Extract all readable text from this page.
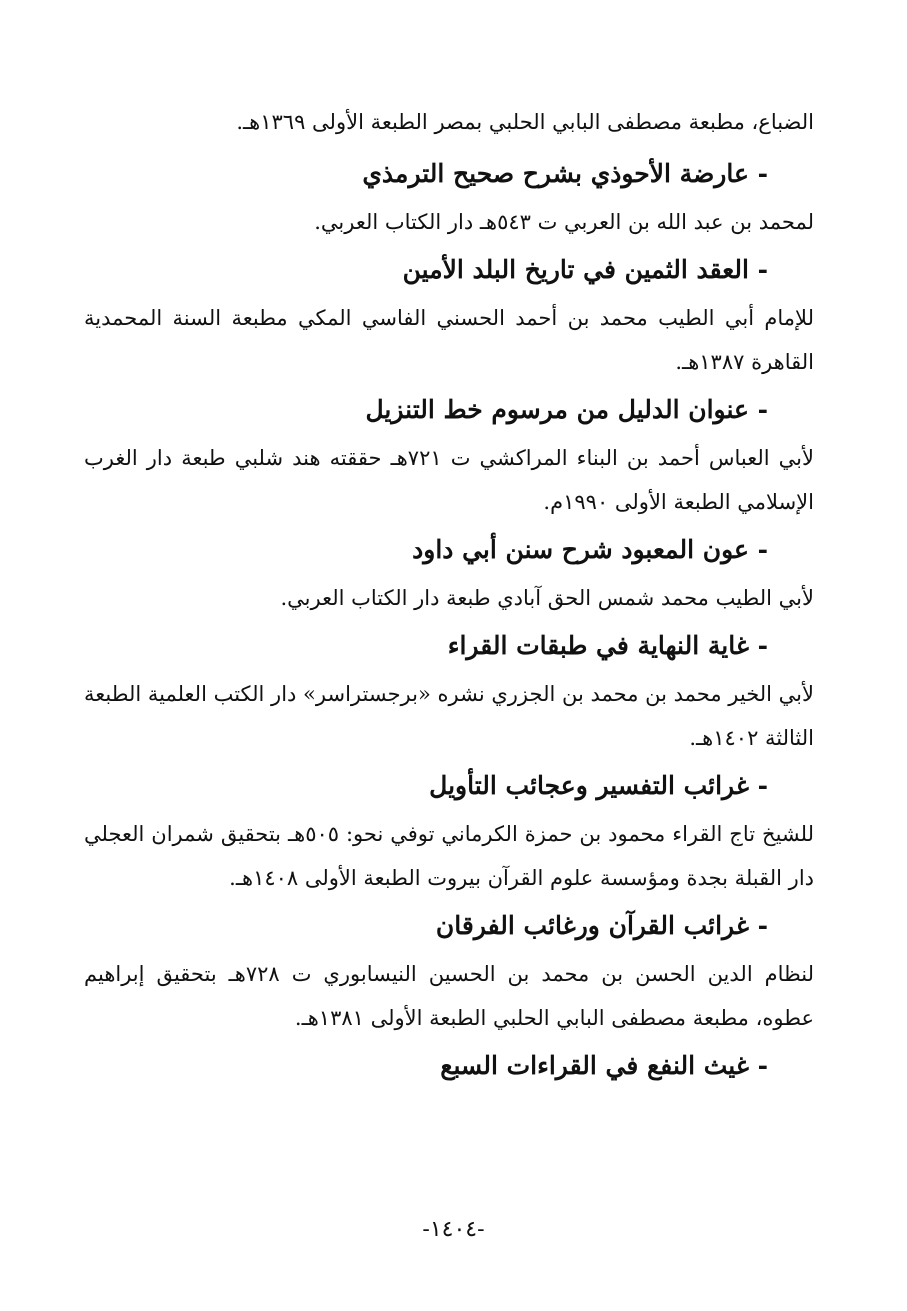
الضباع، مطبعة مصطفى البابي الحلبي بمصر الطبعة الأولى ١٣٦٩هـ.

- عارضة الأحوذي بشرح صحيح الترمذي

لمحمد بن عبد الله بن العربي ت ٥٤٣هـ دار الكتاب العربي.

- العقد الثمين في تاريخ البلد الأمين

للإمام أبي الطيب محمد بن أحمد الحسني الفاسي المكي مطبعة السنة المحمدية القاهرة ١٣٨٧هـ.

- عنوان الدليل من مرسوم خط التنزيل

لأبي العباس أحمد بن البناء المراكشي ت ٧٢١هـ حققته هند شلبي طبعة دار الغرب الإسلامي الطبعة الأولى ١٩٩٠م.

- عون المعبود شرح سنن أبي داود

لأبي الطيب محمد شمس الحق آبادي طبعة دار الكتاب العربي.

- غاية النهاية في طبقات القراء

لأبي الخير محمد بن محمد بن الجزري نشره «برجستراسر» دار الكتب العلمية الطبعة الثالثة ١٤٠٢هـ.

- غرائب التفسير وعجائب التأويل

للشيخ تاج القراء محمود بن حمزة الكرماني توفي نحو: ٥٠٥هـ بتحقيق شمران العجلي دار القبلة بجدة ومؤسسة علوم القرآن بيروت الطبعة الأولى ١٤٠٨هـ.

- غرائب القرآن ورغائب الفرقان

لنظام الدين الحسن بن محمد بن الحسين النيسابوري ت ٧٢٨هـ بتحقيق إبراهيم عطوه، مطبعة مصطفى البابي الحلبي الطبعة الأولى ١٣٨١هـ.

- غيث النفع في القراءات السبع

-١٤٠٤-
